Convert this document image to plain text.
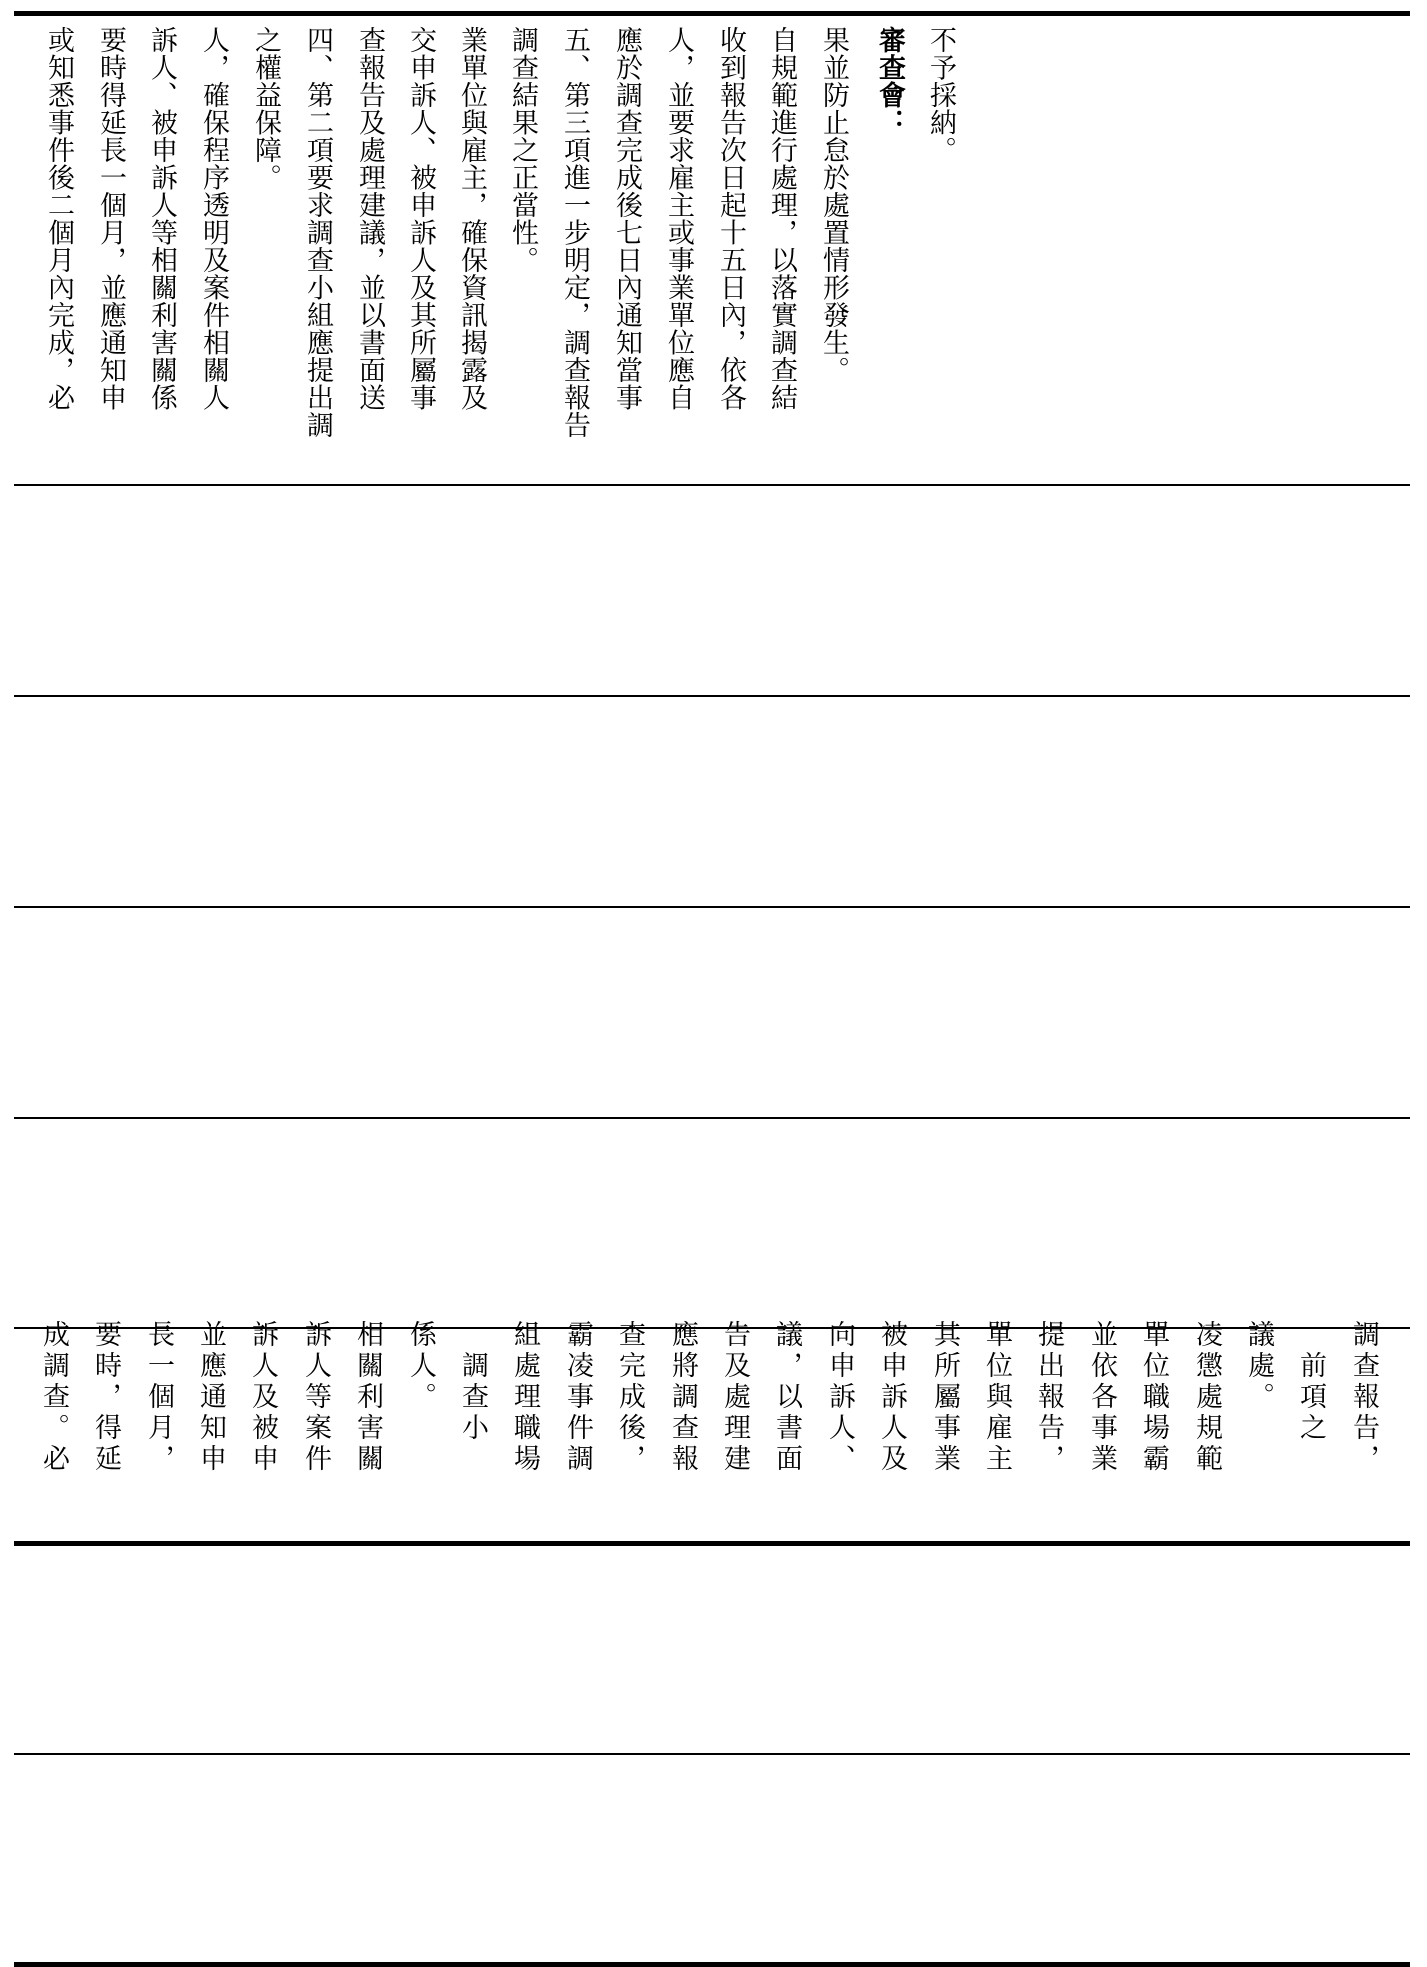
或知悉事件後二個月內完成，必 要時得延長一個月，並應通知申 訴人、被申訴人等相關利害關係 人，確保程序透明及案件相關人 之權益保障。 四、第二項要求調查小組應提出調 查報告及處理建議，並以書面送 交申訴人、被申訴人及其所屬事 業單位與雇主，確保資訊揭露及 調查結果之正當性。 五、第三項進一步明定，調查報告 應於調查完成後七日內通知當事 人，並要求雇主或事業單位應自 收到報告次日起十五日內，依各 自規範進行處理，以落實調查結 果並防止怠於處置情形發生。 審查會： 不予採納。
成調查。必 要時，得延 長一個月， 並應通知申 訴人及被申 訴人等案件 相關利害關 係人。 　調查小 組處理職場 霸凌事件調 查完成後， 應將調查報 告及處理建 議，以書面 向申訴人、 被申訴人及 其所屬事業 單位與雇主 提出報告， 並依各事業 單位職場霸 凌懲處規範 議處。 　前項之 調查報告，
